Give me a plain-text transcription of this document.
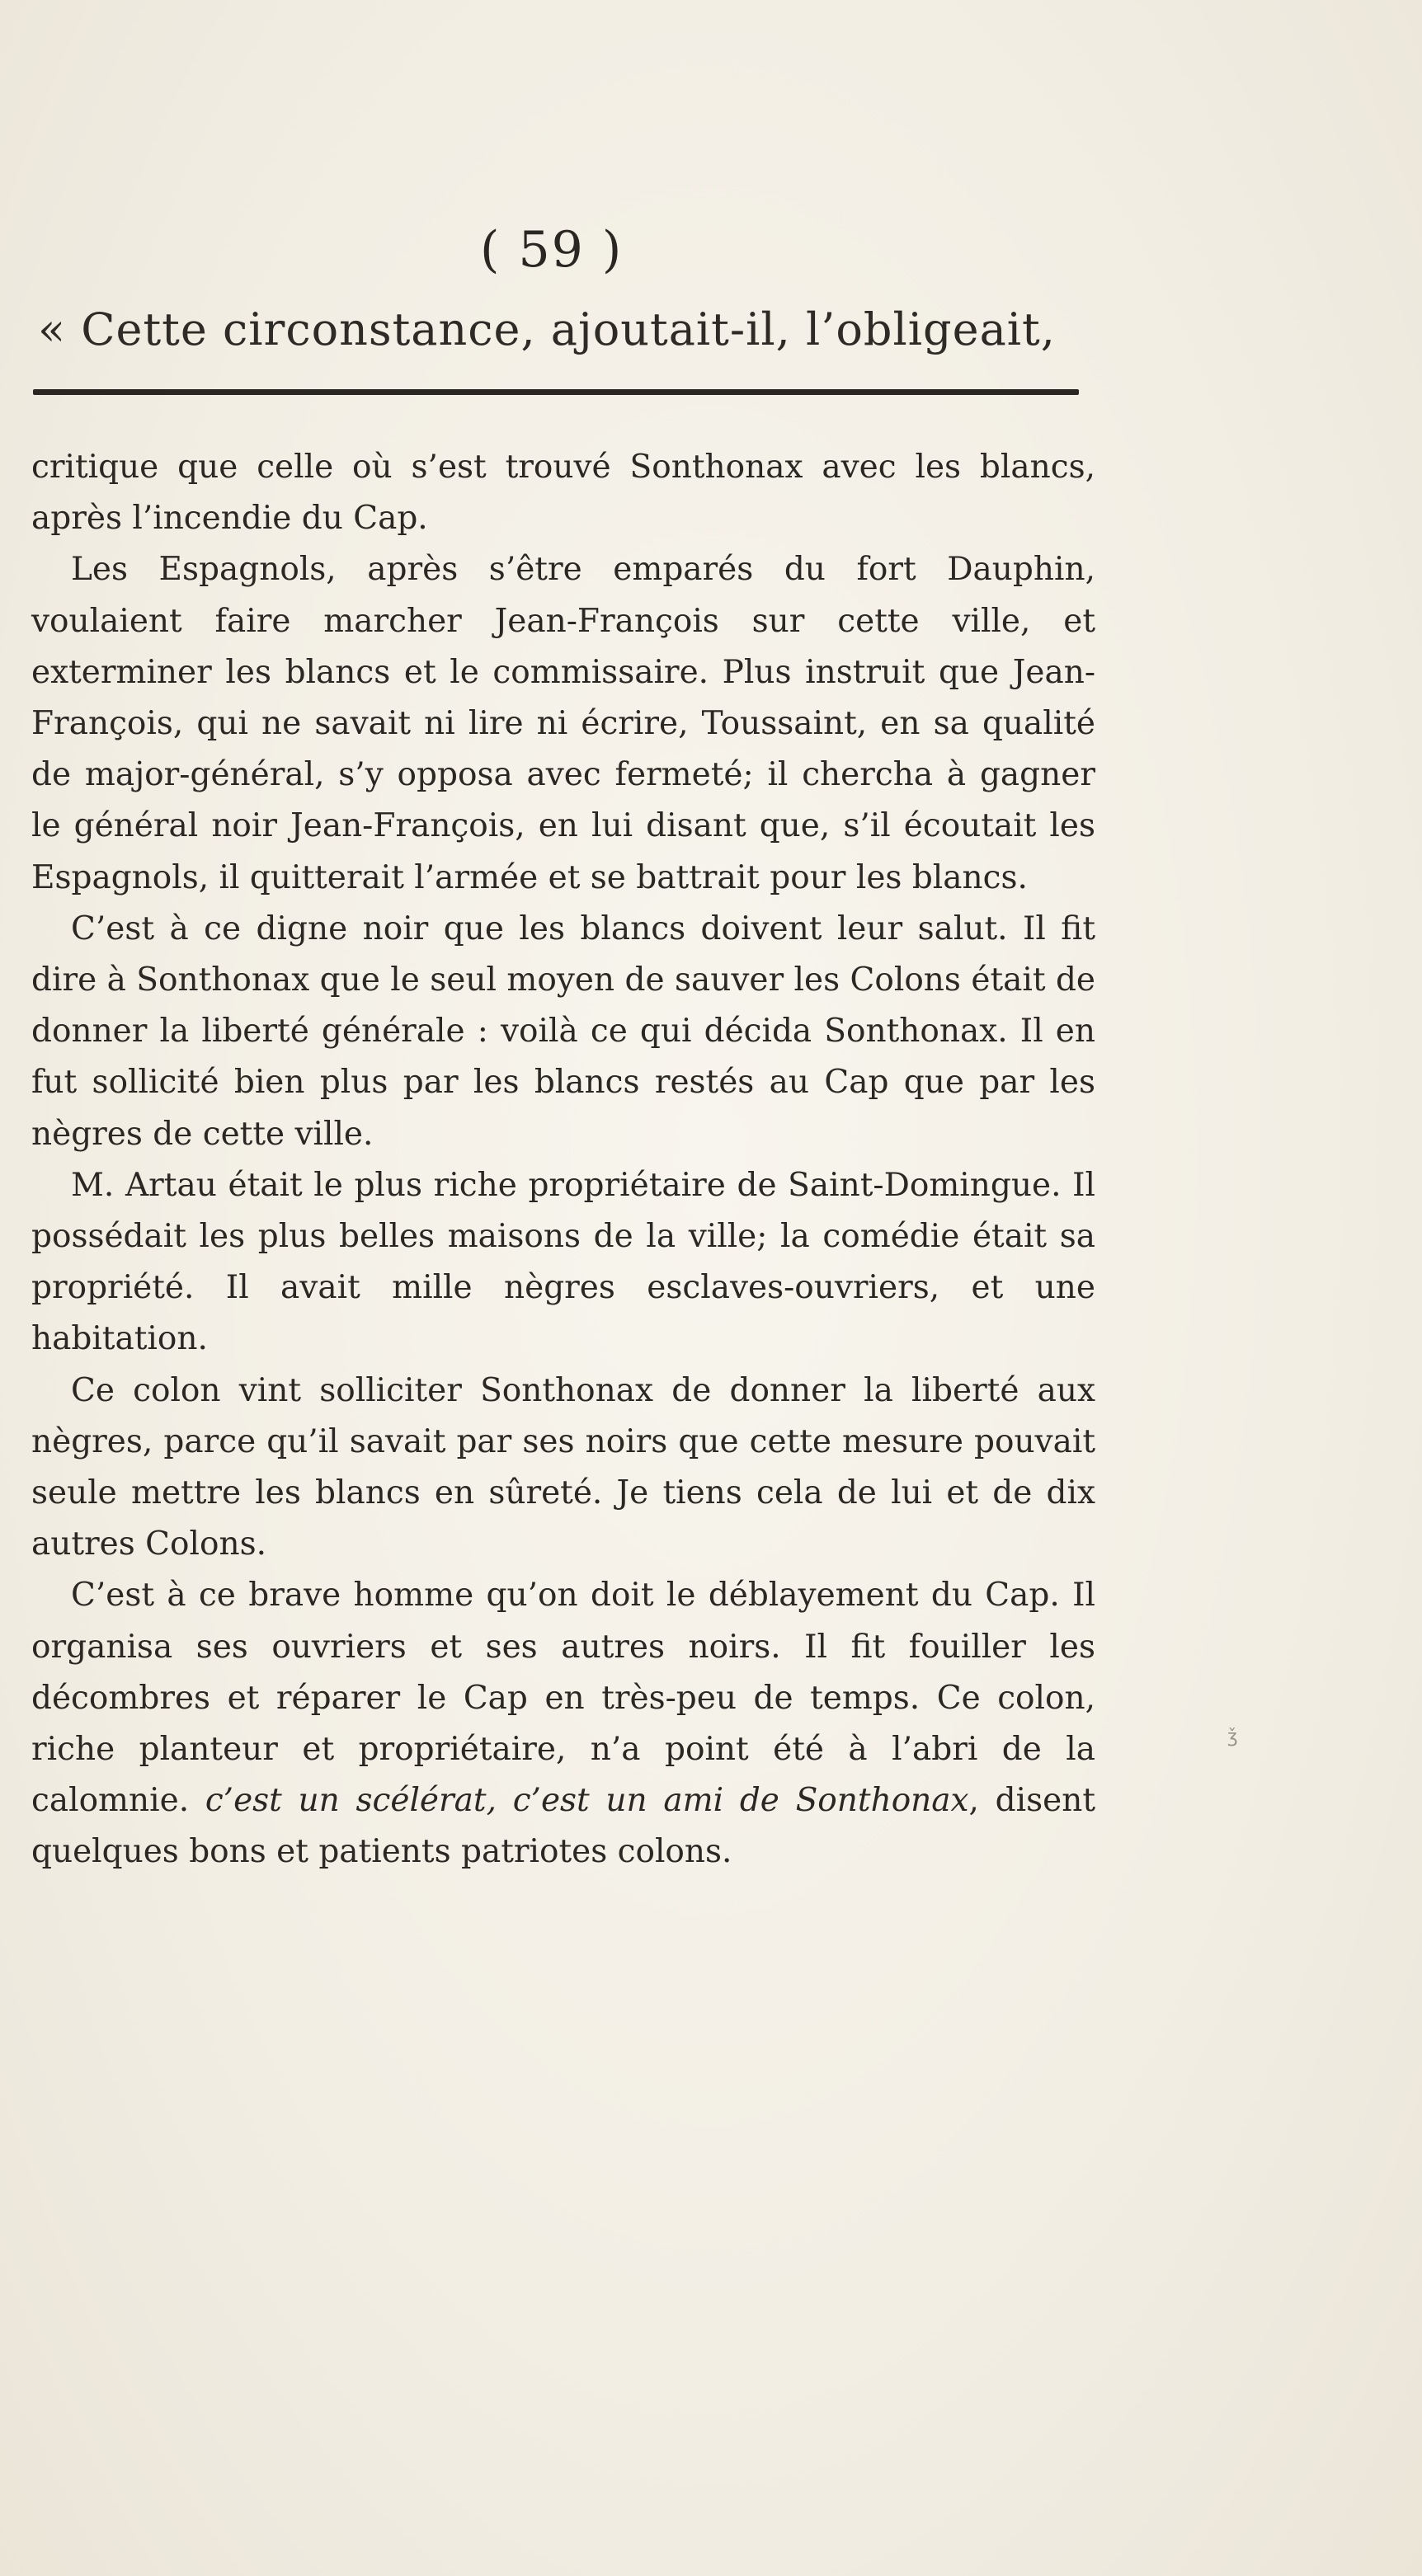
( 59 )
« Cette circonstance, ajoutait-il, l’obligeait,

critique que celle où s’est trouvé Sonthonax avec les blancs, après l’incendie du Cap.

Les Espagnols, après s’être emparés du fort Dauphin, voulaient faire marcher Jean-François sur cette ville, et exterminer les blancs et le commissaire. Plus instruit que Jean-François, qui ne savait ni lire ni écrire, Toussaint, en sa qualité de major-général, s’y opposa avec fermeté; il chercha à gagner le général noir Jean-François, en lui disant que, s’il écoutait les Espagnols, il quitterait l’armée et se battrait pour les blancs.

C’est à ce digne noir que les blancs doivent leur salut. Il fit dire à Sonthonax que le seul moyen de sauver les Colons était de donner la liberté générale : voilà ce qui décida Sonthonax. Il en fut sollicité bien plus par les blancs restés au Cap que par les nègres de cette ville.

M. Artau était le plus riche propriétaire de Saint-Domingue. Il possédait les plus belles maisons de la ville; la comédie était sa propriété. Il avait mille nègres esclaves-ouvriers, et une habitation.

Ce colon vint solliciter Sonthonax de donner la liberté aux nègres, parce qu’il savait par ses noirs que cette mesure pouvait seule mettre les blancs en sûreté. Je tiens cela de lui et de dix autres Colons.

C’est à ce brave homme qu’on doit le déblayement du Cap. Il organisa ses ouvriers et ses autres noirs. Il fit fouiller les décombres et réparer le Cap en très-peu de temps. Ce colon, riche planteur et propriétaire, n’a point été à l’abri de la calomnie. c’est un scélérat, c’est un ami de Sonthonax, disent quelques bons et patients patriotes colons.

ǯ
